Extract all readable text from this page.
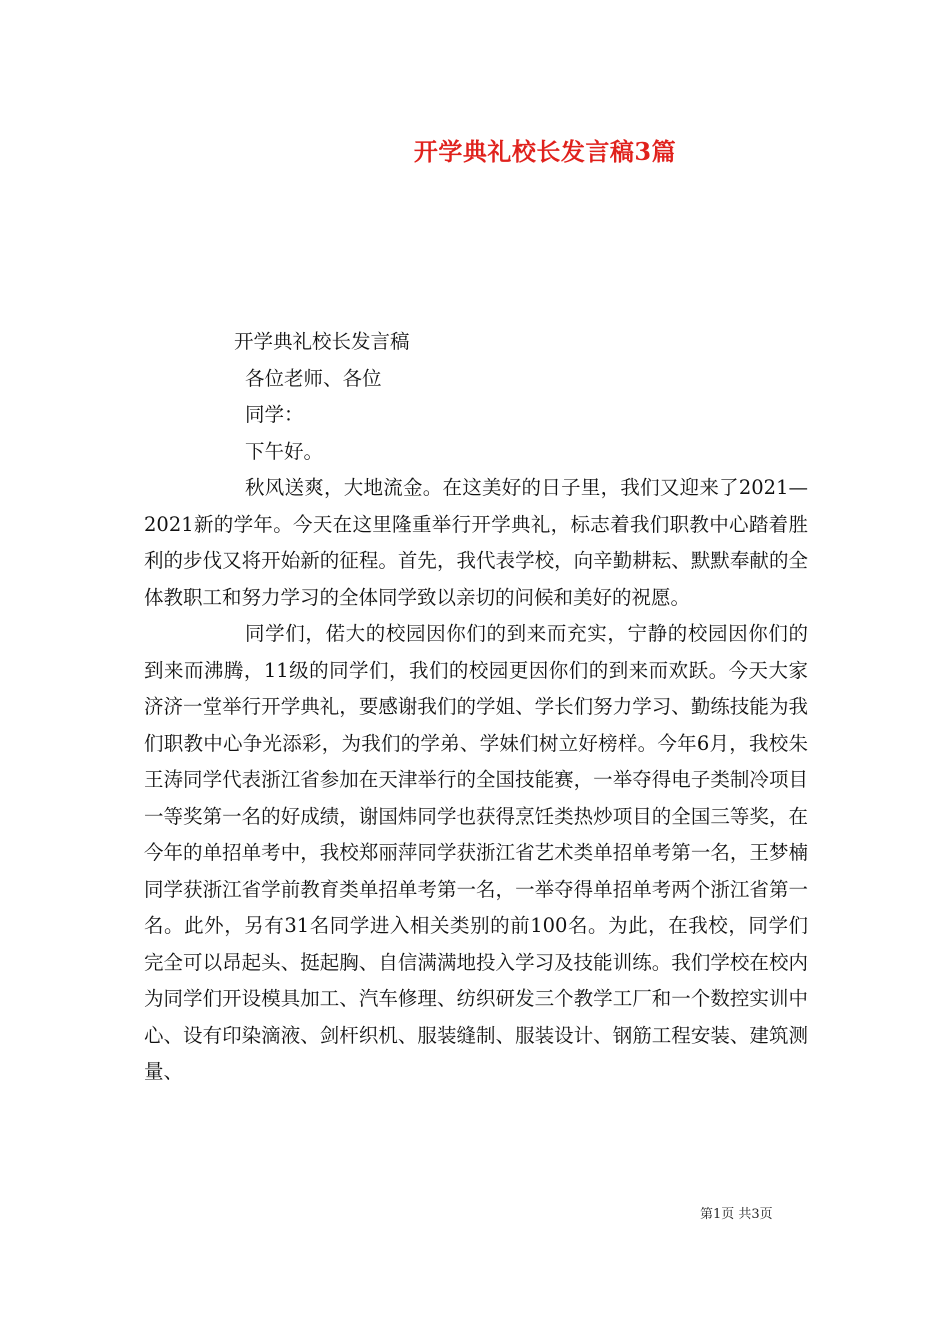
开学典礼校长发言稿3篇

开学典礼校长发言稿

各位老师、各位

同学：

下午好。

秋风送爽，大地流金。在这美好的日子里，我们又迎来了2021—2021新的学年。今天在这里隆重举行开学典礼，标志着我们职教中心踏着胜利的步伐又将开始新的征程。首先，我代表学校，向辛勤耕耘、默默奉献的全体教职工和努力学习的全体同学致以亲切的问候和美好的祝愿。

同学们，偌大的校园因你们的到来而充实，宁静的校园因你们的到来而沸腾，11级的同学们，我们的校园更因你们的到来而欢跃。今天大家济济一堂举行开学典礼，要感谢我们的学姐、学长们努力学习、勤练技能为我们职教中心争光添彩，为我们的学弟、学妹们树立好榜样。今年6月，我校朱王涛同学代表浙江省参加在天津举行的全国技能赛，一举夺得电子类制冷项目一等奖第一名的好成绩，谢国炜同学也获得烹饪类热炒项目的全国三等奖，在今年的单招单考中，我校郑丽萍同学获浙江省艺术类单招单考第一名，王梦楠同学获浙江省学前教育类单招单考第一名，一举夺得单招单考两个浙江省第一名。此外，另有31名同学进入相关类别的前100名。为此，在我校，同学们完全可以昂起头、挺起胸、自信满满地投入学习及技能训练。我们学校在校内为同学们开设模具加工、汽车修理、纺织研发三个教学工厂和一个数控实训中心、设有印染滴液、剑杆织机、服装缝制、服装设计、钢筋工程安装、建筑测量、

第1页 共3页
